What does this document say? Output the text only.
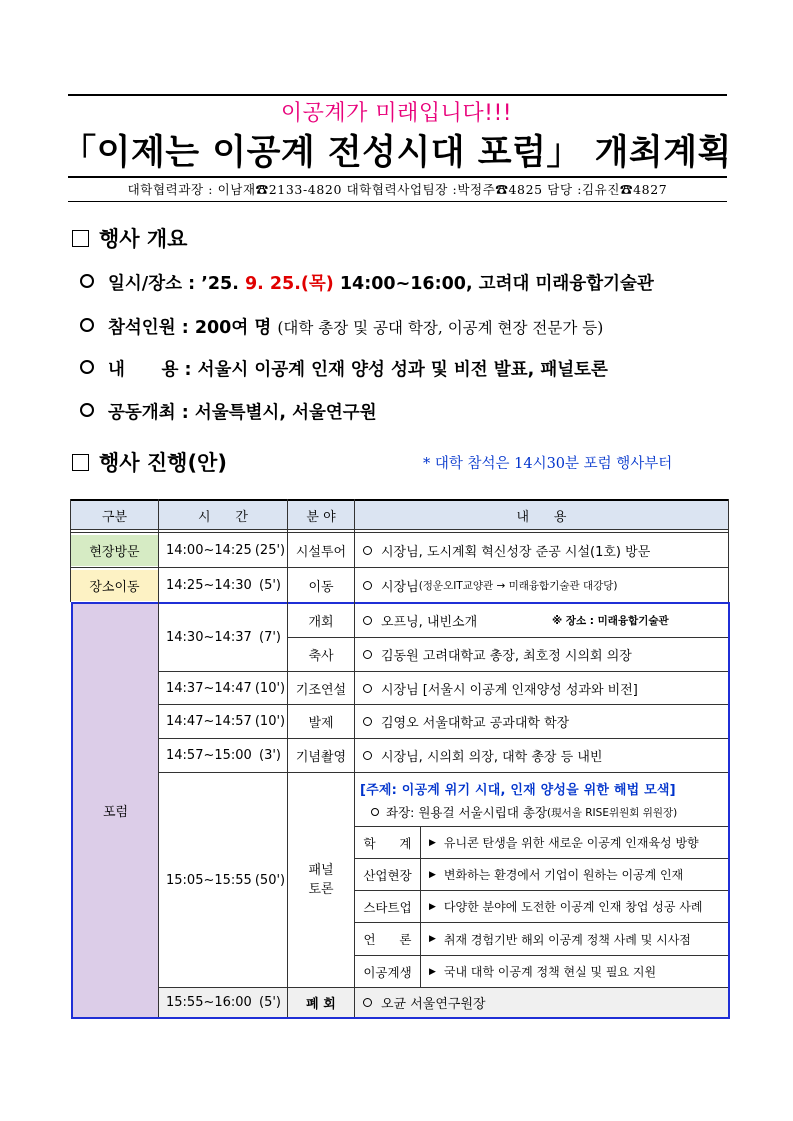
이공계가 미래입니다!!!
「이제는 이공계 전성시대 포럼」 개최계획
대학협력과장 : 이남재☎2133-4820 대학협력사업팀장 :박정주☎4825 담당 :김유진☎4827
행사 개요
일시/장소 : ’25. 9. 25.(목) 14:00~16:00, 고려대 미래융합기술관
참석인원 : 200여 명 (대학 총장 및 공대 학장, 이공계 현장 전문가 등)
내      용 : 서울시 이공계 인재 양성 성과 및 비전 발표, 패널토론
공동개최 : 서울특별시, 서울연구원
행사 진행(안)	* 대학 참석은 14시30분 포럼 행사부터
구분	시      간	분 야	내      용
현장방문	14:00~14:25 (25') 시설투어	시장님, 도시계획 혁신성장 준공 시설(1호) 방문
장소이동	14:25~14:30 (5')	이동	시장님 (정운오IT교양관 → 미래융합기술관 대강당)
포럼
14:30~14:37 (7')
개회	오프닝, 내빈소개	※ 장소 : 미래융합기술관
축사	김동원 고려대학교 총장, 최호정 시의회 의장
14:37~14:47 (10') 기조연설	시장님 [서울시 이공계 인재양성 성과와 비전]
14:47~14:57 (10')	발제	김영오 서울대학교 공과대학 학장
14:57~15:00 (3')	기념촬영	시장님, 시의회 의장, 대학 총장 등 내빈
15:05~15:55 (50')
패널
토론
[주제: 이공계 위기 시대, 인재 양성을 위한 해법 모색]
좌장: 원용걸 서울시립대 총장 (現서울 RISE위원회 위원장)
학      계	▶ 유니콘 탄생을 위한 새로운 이공계 인재육성 방향
산업현장	▶ 변화하는 환경에서 기업이 원하는 이공계 인재
스타트업	▶ 다양한 분야에 도전한 이공계 인재 창업 성공 사례
언      론	▶ 취재 경험기반 해외 이공계 정책 사례 및 시사점
이공계생	▶ 국내 대학 이공계 정책 현실 및 필요 지원
15:55~16:00 (5')	폐 회	오균 서울연구원장
